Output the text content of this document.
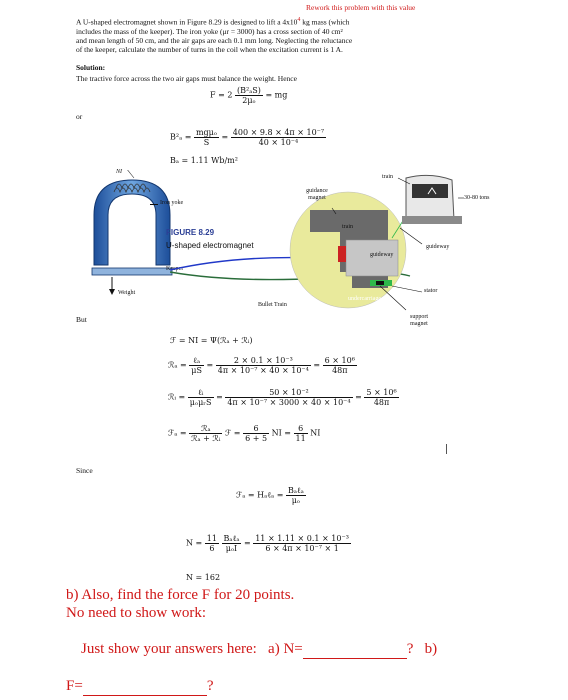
Rework this problem with this value
A U-shaped electromagnet shown in Figure 8.29 is designed to lift a $4x10^4$ kg mass (which
includes the mass of the keeper). The iron yoke (μr = 3000) has a cross section of 40 cm²
and mean length of 50 cm, and the air gaps are each 0.1 mm long. Neglecting the reluctance
of the keeper, calculate the number of turns in the coil when the excitation current is 1 A.
Solution:
The tractive force across the two air gaps must balance the weight. Hence
$F = 2 \frac{\text{(B²ₐS)}}{\text{2μₒ}}$ = mg
or
$B^2_a = \frac{\text{mgμₒ}}{S} = \frac{\text{400 × 9.8 × 4π × 10⁻⁷}}{\text{40 × 10⁻⁴}}$
Bₐ = 1.11 Wb/m²
NI
Iron yoke
FIGURE 8.29
U-shaped electromagnet
Keeper
Weight
guidance magnet
train
train
30-80 tons
guideway
guideway
undercarriage
stator
support magnet
Bullet Train
But
ℱ = NI = Ψ(ℛₐ + ℛᵢ)
ℛₐ = $\frac{\text{ℓₐ}}{\mu S} = \frac{\text{2 × 0.1 × 10⁻³}}{\text{4π × 10⁻⁷ × 40 × 10⁻⁴}} = \frac{\text{6 × 10⁶}}{48\pi}$
ℛᵢ = $\frac{\text{ℓᵢ}}{\text{μₒμᵣS}} = \frac{\text{50 × 10⁻²}}{\text{4π × 10⁻⁷ × 3000 × 40 × 10⁻⁴}} = \frac{\text{5 × 10⁶}}{48\pi}$
ℱₐ = $\frac{\text{ℛₐ}}{\text{ℛₐ + ℛᵢ}}$ ℱ = $\frac{6}{6 + 5}$ NI = $\frac{6}{11}$ NI
Since
ℱₐ = Hₐℓₐ = $\frac{\text{Bₐℓₐ}}{\text{μₒ}}$
$N = \frac{11}{6}$
$\frac{\text{Bₐℓₐ}}{\text{μₒI}} = \frac{\text{11 × 1.11 × 0.1 × 10⁻³}}{\text{6 × 4π × 10⁻⁷ × 1}}$
N = 162
b) Also, find the force F for 20 points.
No need to show work:

Just show your answers here:   a) N=	? b)

F=	?
